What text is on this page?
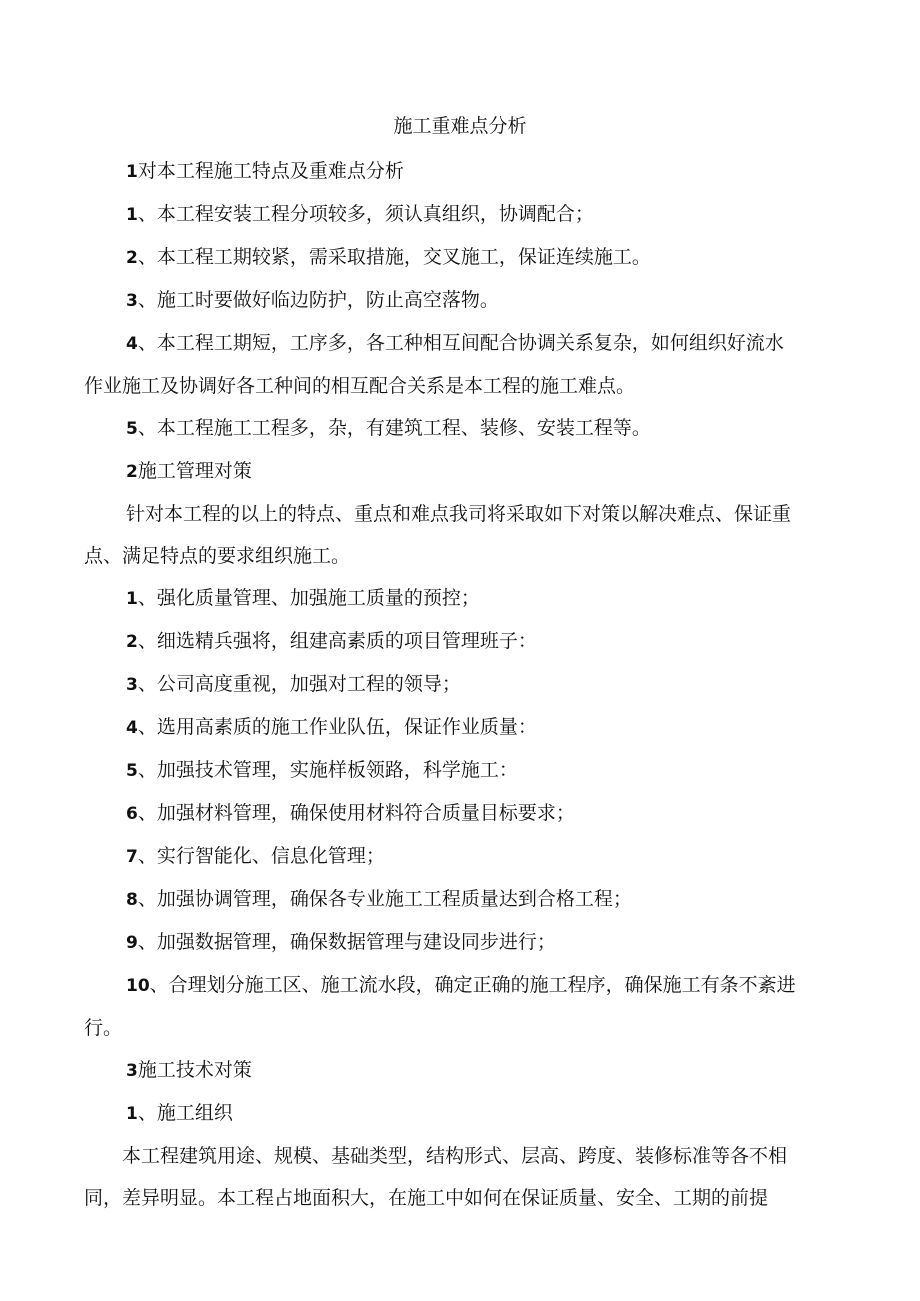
施工重难点分析

1对本工程施工特点及重难点分析

1、本工程安装工程分项较多，须认真组织，协调配合；

2、本工程工期较紧，需采取措施，交叉施工，保证连续施工。

3、施工时要做好临边防护，防止高空落物。

4、本工程工期短，工序多，各工种相互间配合协调关系复杂，如何组织好流水

作业施工及协调好各工种间的相互配合关系是本工程的施工难点。

5、本工程施工工程多，杂，有建筑工程、装修、安装工程等。

2施工管理对策

针对本工程的以上的特点、重点和难点我司将采取如下对策以解决难点、保证重

点、满足特点的要求组织施工。

1、强化质量管理、加强施工质量的预控；

2、细选精兵强将，组建高素质的项目管理班子：

3、公司高度重视，加强对工程的领导；

4、选用高素质的施工作业队伍，保证作业质量：

5、加强技术管理，实施样板领路，科学施工：

6、加强材料管理，确保使用材料符合质量目标要求；

7、实行智能化、信息化管理；

8、加强协调管理，确保各专业施工工程质量达到合格工程；

9、加强数据管理，确保数据管理与建设同步进行；

10、合理划分施工区、施工流水段，确定正确的施工程序，确保施工有条不紊进

行。

3施工技术对策

1、施工组织

本工程建筑用途、规模、基础类型，结构形式、层高、跨度、装修标准等各不相

同，差异明显。本工程占地面积大，在施工中如何在保证质量、安全、工期的前提
